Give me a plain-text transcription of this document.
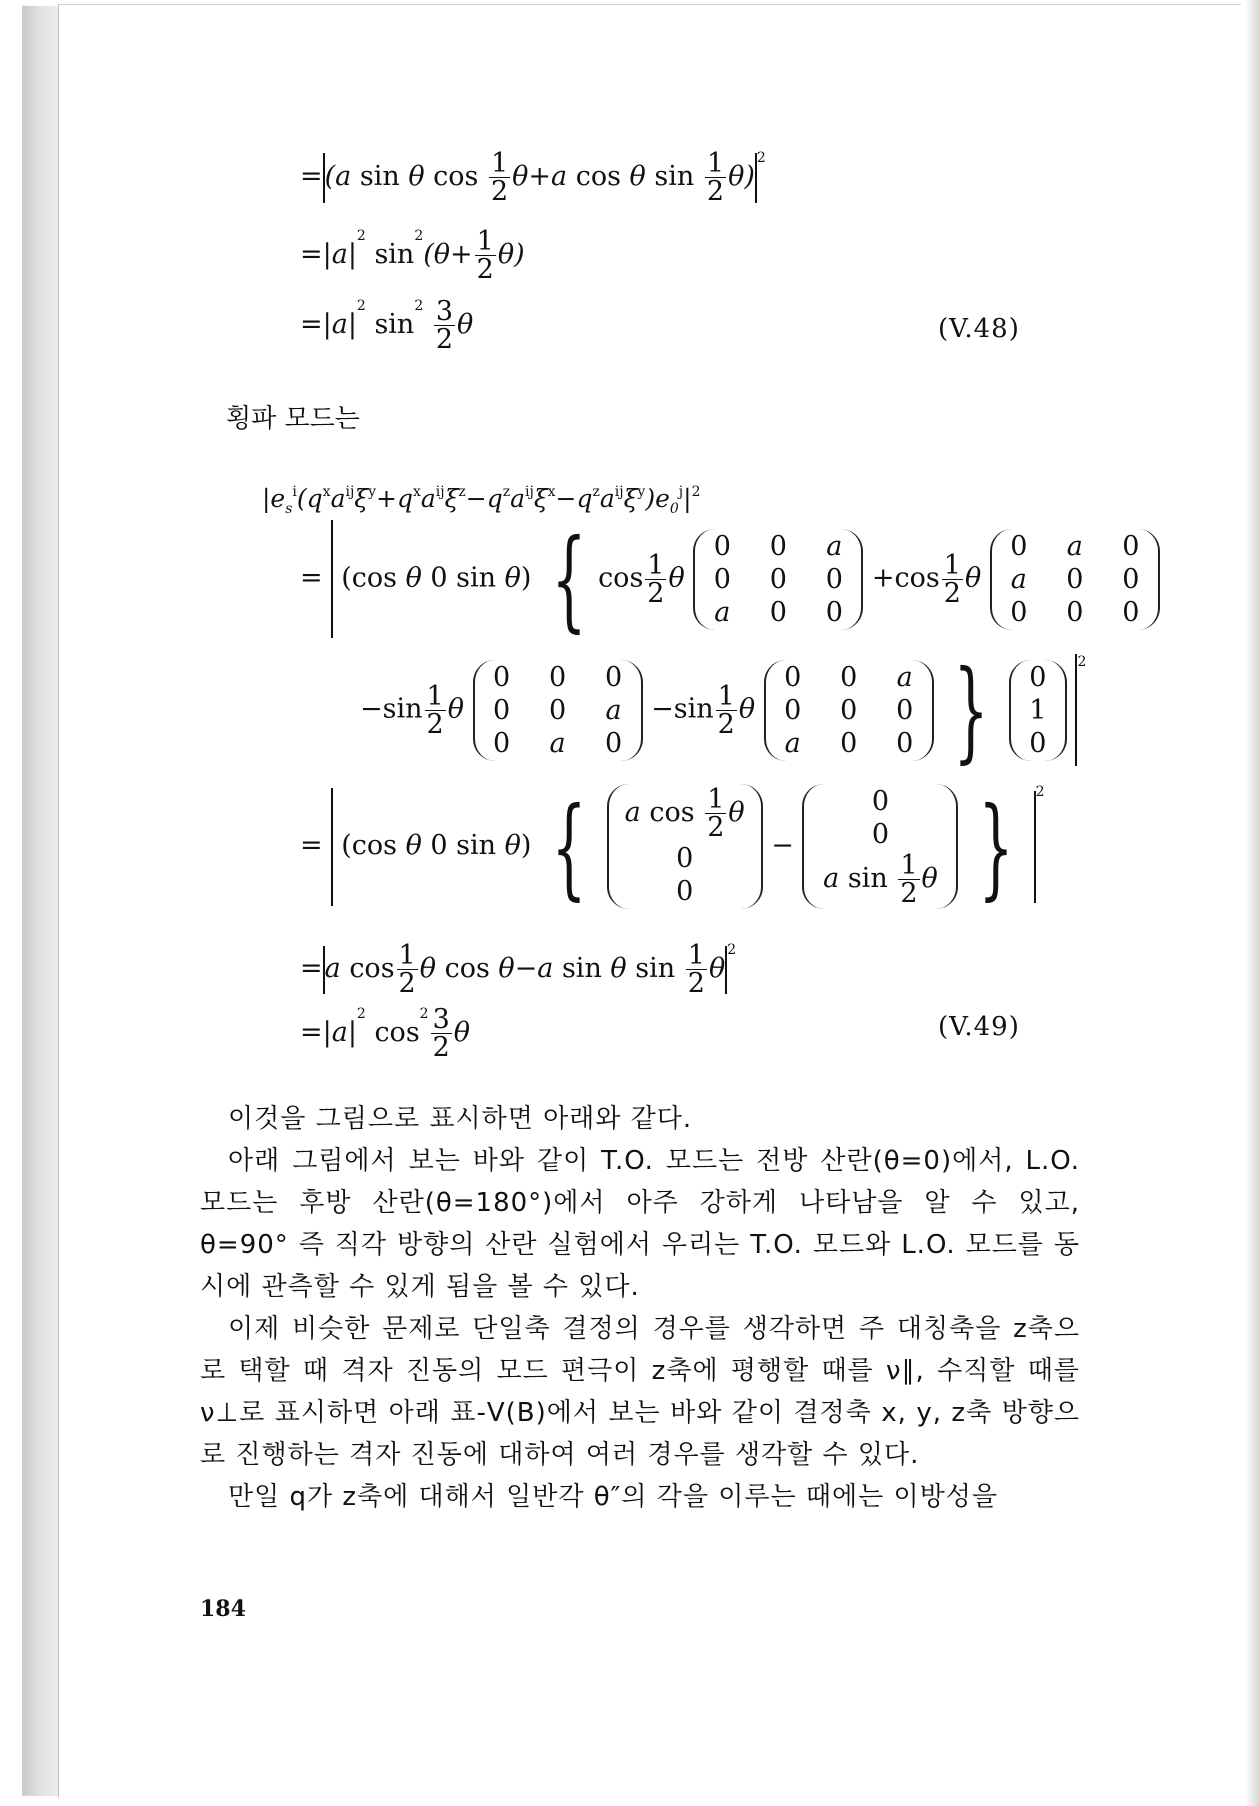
=(a sin θ $\cos \frac{1}{2} \theta+a$ cos θ $\sin \frac{1}{2} \theta)^2$
$=|a|^2$ $\sin^2(\theta+ \frac{1}{2} \theta)$
$=|a|^2$ $\sin^2 \frac{3}{2}$ θ	(V.48)
횡파 모드는
$|e_s^i(q^xa^{ij}\xi^y+q^xa^{ij}\xi^z-q^za^{ij}\xi^x-q^za^{ij}\xi^y)e_0^j|^2$
= (cos θ 0 sin θ) { $\cos \frac{1}{2}$ θ
0 0 a
0 0 0
a 0 0
$+\cos \frac{1}{2}$ θ
0 a 0
a 0 0
0 0 0
$-\sin \frac{1}{2}$ θ
0 0 0
0 0 a
0 a 0
$-\sin \frac{1}{2}$ θ
0 0 a
0 0 0
a 0 0 } 0
1
0
$^2$
= (cos θ 0 sin θ) { a $\cos \frac{1}{2}$ θ
0
0
−
0
0
a $\sin \frac{1}{2}$ θ } $^2$
=a $\cos \frac{1}{2}$ θ cos θ−a sin θ $\sin \frac{1}{2} \theta^2$
$=|a|^2$ $\cos^2 \frac{3}{2}$ θ	(V.49)

이것을 그림으로 표시하면 아래와 같다.

아래 그림에서 보는 바와 같이 T.O. 모드는 전방 산란(θ=0)에서, L.O. 모드는 후방 산란(θ=180°)에서 아주 강하게 나타남을 알 수 있고, θ=90° 즉 직각 방향의 산란 실험에서 우리는 T.O. 모드와 L.O. 모드를 동시에 관측할 수 있게 됨을 볼 수 있다.

이제 비슷한 문제로 단일축 결정의 경우를 생각하면 주 대칭축을 z축으로 택할 때 격자 진동의 모드 편극이 z축에 평행할 때를 ν∥, 수직할 때를 ν⊥로 표시하면 아래 표-V(B)에서 보는 바와 같이 결정축 x, y, z축 방향으로 진행하는 격자 진동에 대하여 여러 경우를 생각할 수 있다.

만일 q가 z축에 대해서 일반각 θ″의 각을 이루는 때에는 이방성을

184
